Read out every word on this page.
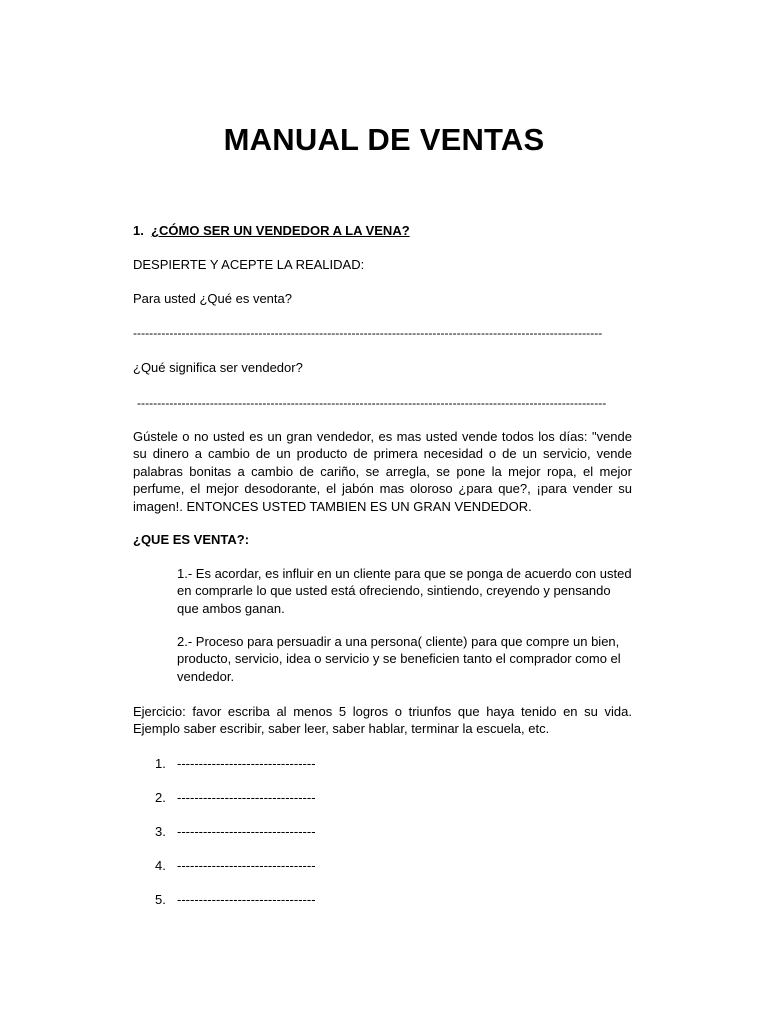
MANUAL DE VENTAS
1. ¿CÓMO SER UN VENDEDOR A LA VENA?
DESPIERTE Y ACEPTE LA REALIDAD:
Para usted ¿Qué es venta?
--------------------------------------------------------------------------------------------------------------------
¿Qué significa ser vendedor?
--------------------------------------------------------------------------------------------------------------------
Gústele o no usted es un gran vendedor, es mas usted vende todos los días: "vende su dinero a cambio de un producto de primera necesidad o de un servicio, vende palabras bonitas a cambio de cariño, se arregla, se pone la mejor ropa, el mejor perfume, el mejor desodorante, el jabón mas oloroso ¿para que?, ¡para vender su imagen!. ENTONCES USTED TAMBIEN ES UN GRAN VENDEDOR.
¿QUE ES VENTA?:
1.- Es acordar, es influir en un cliente para que se ponga de acuerdo con usted en comprarle lo que usted está ofreciendo, sintiendo, creyendo y pensando que ambos ganan.
2.- Proceso para persuadir a una persona( cliente) para que compre un bien, producto, servicio, idea o servicio y se beneficien tanto el comprador como el vendedor.
Ejercicio: favor escriba al menos 5 logros o triunfos que haya tenido en su vida. Ejemplo saber escribir, saber leer, saber hablar, terminar la escuela, etc.
1. --------------------------------
2. --------------------------------
3. --------------------------------
4. --------------------------------
5. --------------------------------
